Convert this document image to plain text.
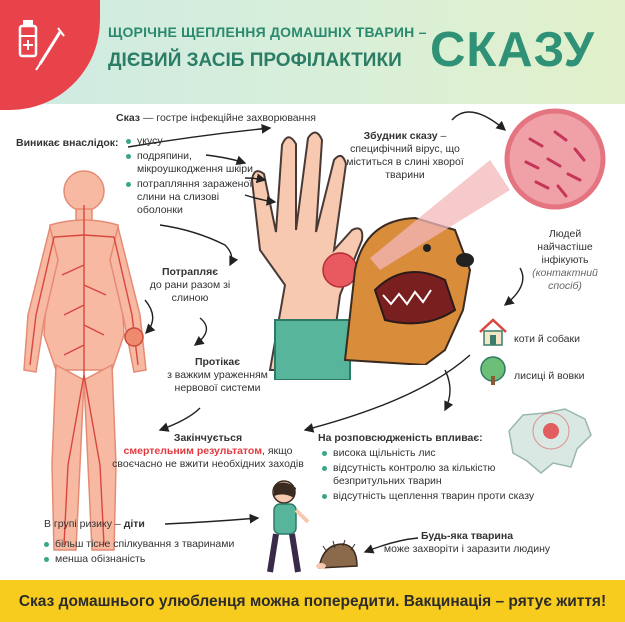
ЩОРІЧНЕ ЩЕПЛЕННЯ ДОМАШНІХ ТВАРИН –
ДІЄВИЙ ЗАСІБ ПРОФІЛАКТИКИ СКАЗУ
Сказ — гостре інфекційне захворювання
Виникає внаслідок:	укусу
подряпини, мікроушкодження шкіри
потрапляння зараженої слини на слизові оболонки
Збудник сказу – специфічний вірус, що міститься в слині хворої тварини
Потрапляє
до рани разом зі слиною
Протікає
з важким ураженням нервової системи
Закінчується
смертельним результатом, якщо своєчасно не вжити необхідних заходів
Людей найчастіше інфікують
(контактний спосіб)
коти й собаки
лисиці й вовки
На розповсюдженість впливає:
висока щільність лис
відсутність контролю за кількістю безпритульних тварин
відсутність щеплення тварин проти сказу
В групі ризику – діти
більш тісне спілкування з тваринами
менша обізнаність
Будь-яка тварина
може захворіти і заразити людину
Сказ домашнього улюбленця можна попередити. Вакцинація – рятує життя!
